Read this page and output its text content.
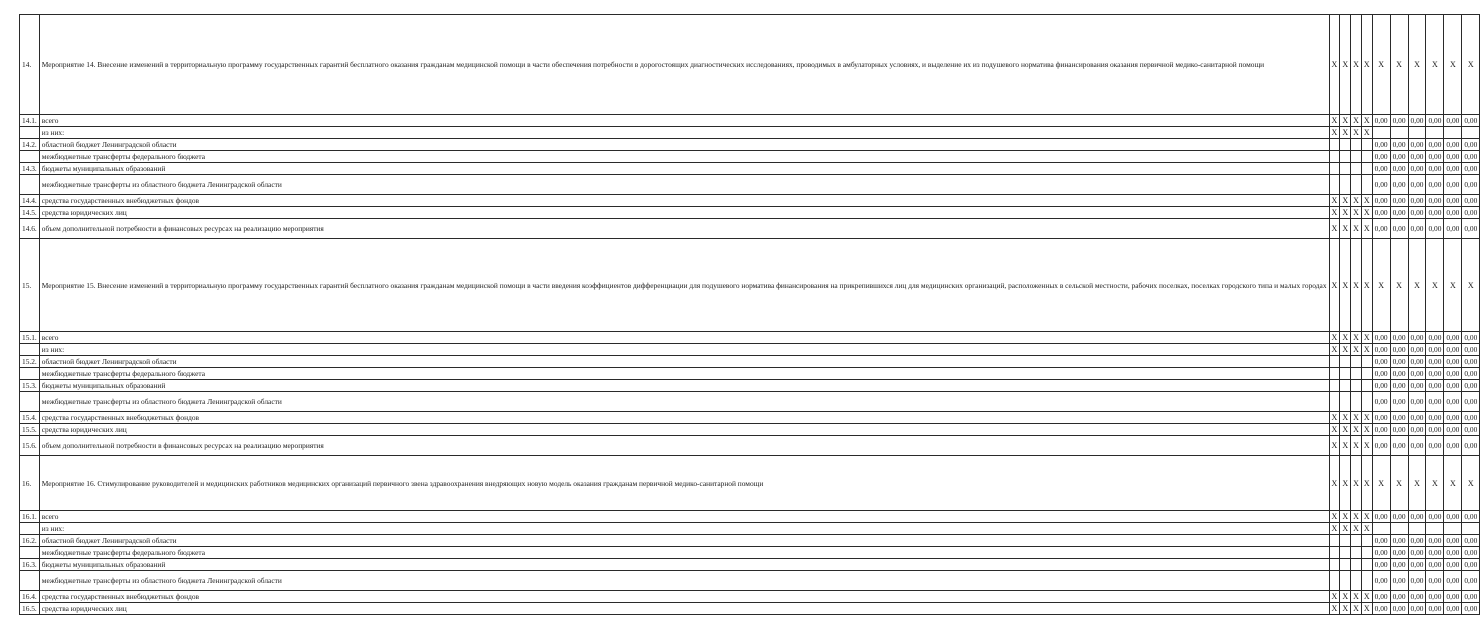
14.	Мероприятие 14. Внесение изменений в территориальную программу государственных гарантий бесплатного оказания гражданам медицинской помощи в части обеспечения потребности в дорогостоящих диагностических исследованиях, проводимых в амбулаторных условиях, и выделение их из подушевого норматива финансирования оказания первичной медико-санитарной помощи	X	X	X	X	X	X	X	X	X	X
14.1.	всего	X	X	X	X	0,00	0,00	0,00	0,00	0,00	0,00
	из них:	X	X	X	X						
14.2.	областной бюджет Ленинградской области					0,00	0,00	0,00	0,00	0,00	0,00
	межбюджетные трансферты федерального бюджета					0,00	0,00	0,00	0,00	0,00	0,00
14.3.	бюджеты муниципальных образований					0,00	0,00	0,00	0,00	0,00	0,00
	межбюджетные трансферты из областного бюджета Ленинградской области					0,00	0,00	0,00	0,00	0,00	0,00
14.4.	средства государственных внебюджетных фондов	X	X	X	X	0,00	0,00	0,00	0,00	0,00	0,00
14.5.	средства юридических лиц	X	X	X	X	0,00	0,00	0,00	0,00	0,00	0,00
14.6.	объем дополнительной потребности в финансовых ресурсах на реализацию мероприятия	X	X	X	X	0,00	0,00	0,00	0,00	0,00	0,00
15.	Мероприятие 15. Внесение изменений в территориальную программу государственных гарантий бесплатного оказания гражданам медицинской помощи в части введения коэффициентов дифференциации для подушевого норматива финансирования на прикрепившихся лиц для медицинских организаций, расположенных в сельской местности, рабочих поселках, поселках городского типа и малых городах	X	X	X	X	X	X	X	X	X	X
15.1.	всего	X	X	X	X	0,00	0,00	0,00	0,00	0,00	0,00
	из них:	X	X	X	X	0,00	0,00	0,00	0,00	0,00	0,00
15.2.	областной бюджет Ленинградской области					0,00	0,00	0,00	0,00	0,00	0,00
	межбюджетные трансферты федерального бюджета					0,00	0,00	0,00	0,00	0,00	0,00
15.3.	бюджеты муниципальных образований					0,00	0,00	0,00	0,00	0,00	0,00
	межбюджетные трансферты из областного бюджета Ленинградской области					0,00	0,00	0,00	0,00	0,00	0,00
15.4.	средства государственных внебюджетных фондов	X	X	X	X	0,00	0,00	0,00	0,00	0,00	0,00
15.5.	средства юридических лиц	X	X	X	X	0,00	0,00	0,00	0,00	0,00	0,00
15.6.	объем дополнительной потребности в финансовых ресурсах на реализацию мероприятия	X	X	X	X	0,00	0,00	0,00	0,00	0,00	0,00
16.	Мероприятие 16. Стимулирование руководителей и медицинских работников медицинских организаций первичного звена здравоохранения внедряющих новую модель оказания гражданам первичной медико-санитарной помощи	X	X	X	X	X	X	X	X	X	X
16.1.	всего	X	X	X	X	0,00	0,00	0,00	0,00	0,00	0,00
	из них:	X	X	X	X						
16.2.	областной бюджет Ленинградской области					0,00	0,00	0,00	0,00	0,00	0,00
	межбюджетные трансферты федерального бюджета					0,00	0,00	0,00	0,00	0,00	0,00
16.3.	бюджеты муниципальных образований					0,00	0,00	0,00	0,00	0,00	0,00
	межбюджетные трансферты из областного бюджета Ленинградской области					0,00	0,00	0,00	0,00	0,00	0,00
16.4.	средства государственных внебюджетных фондов	X	X	X	X	0,00	0,00	0,00	0,00	0,00	0,00
16.5.	средства юридических лиц	X	X	X	X	0,00	0,00	0,00	0,00	0,00	0,00
